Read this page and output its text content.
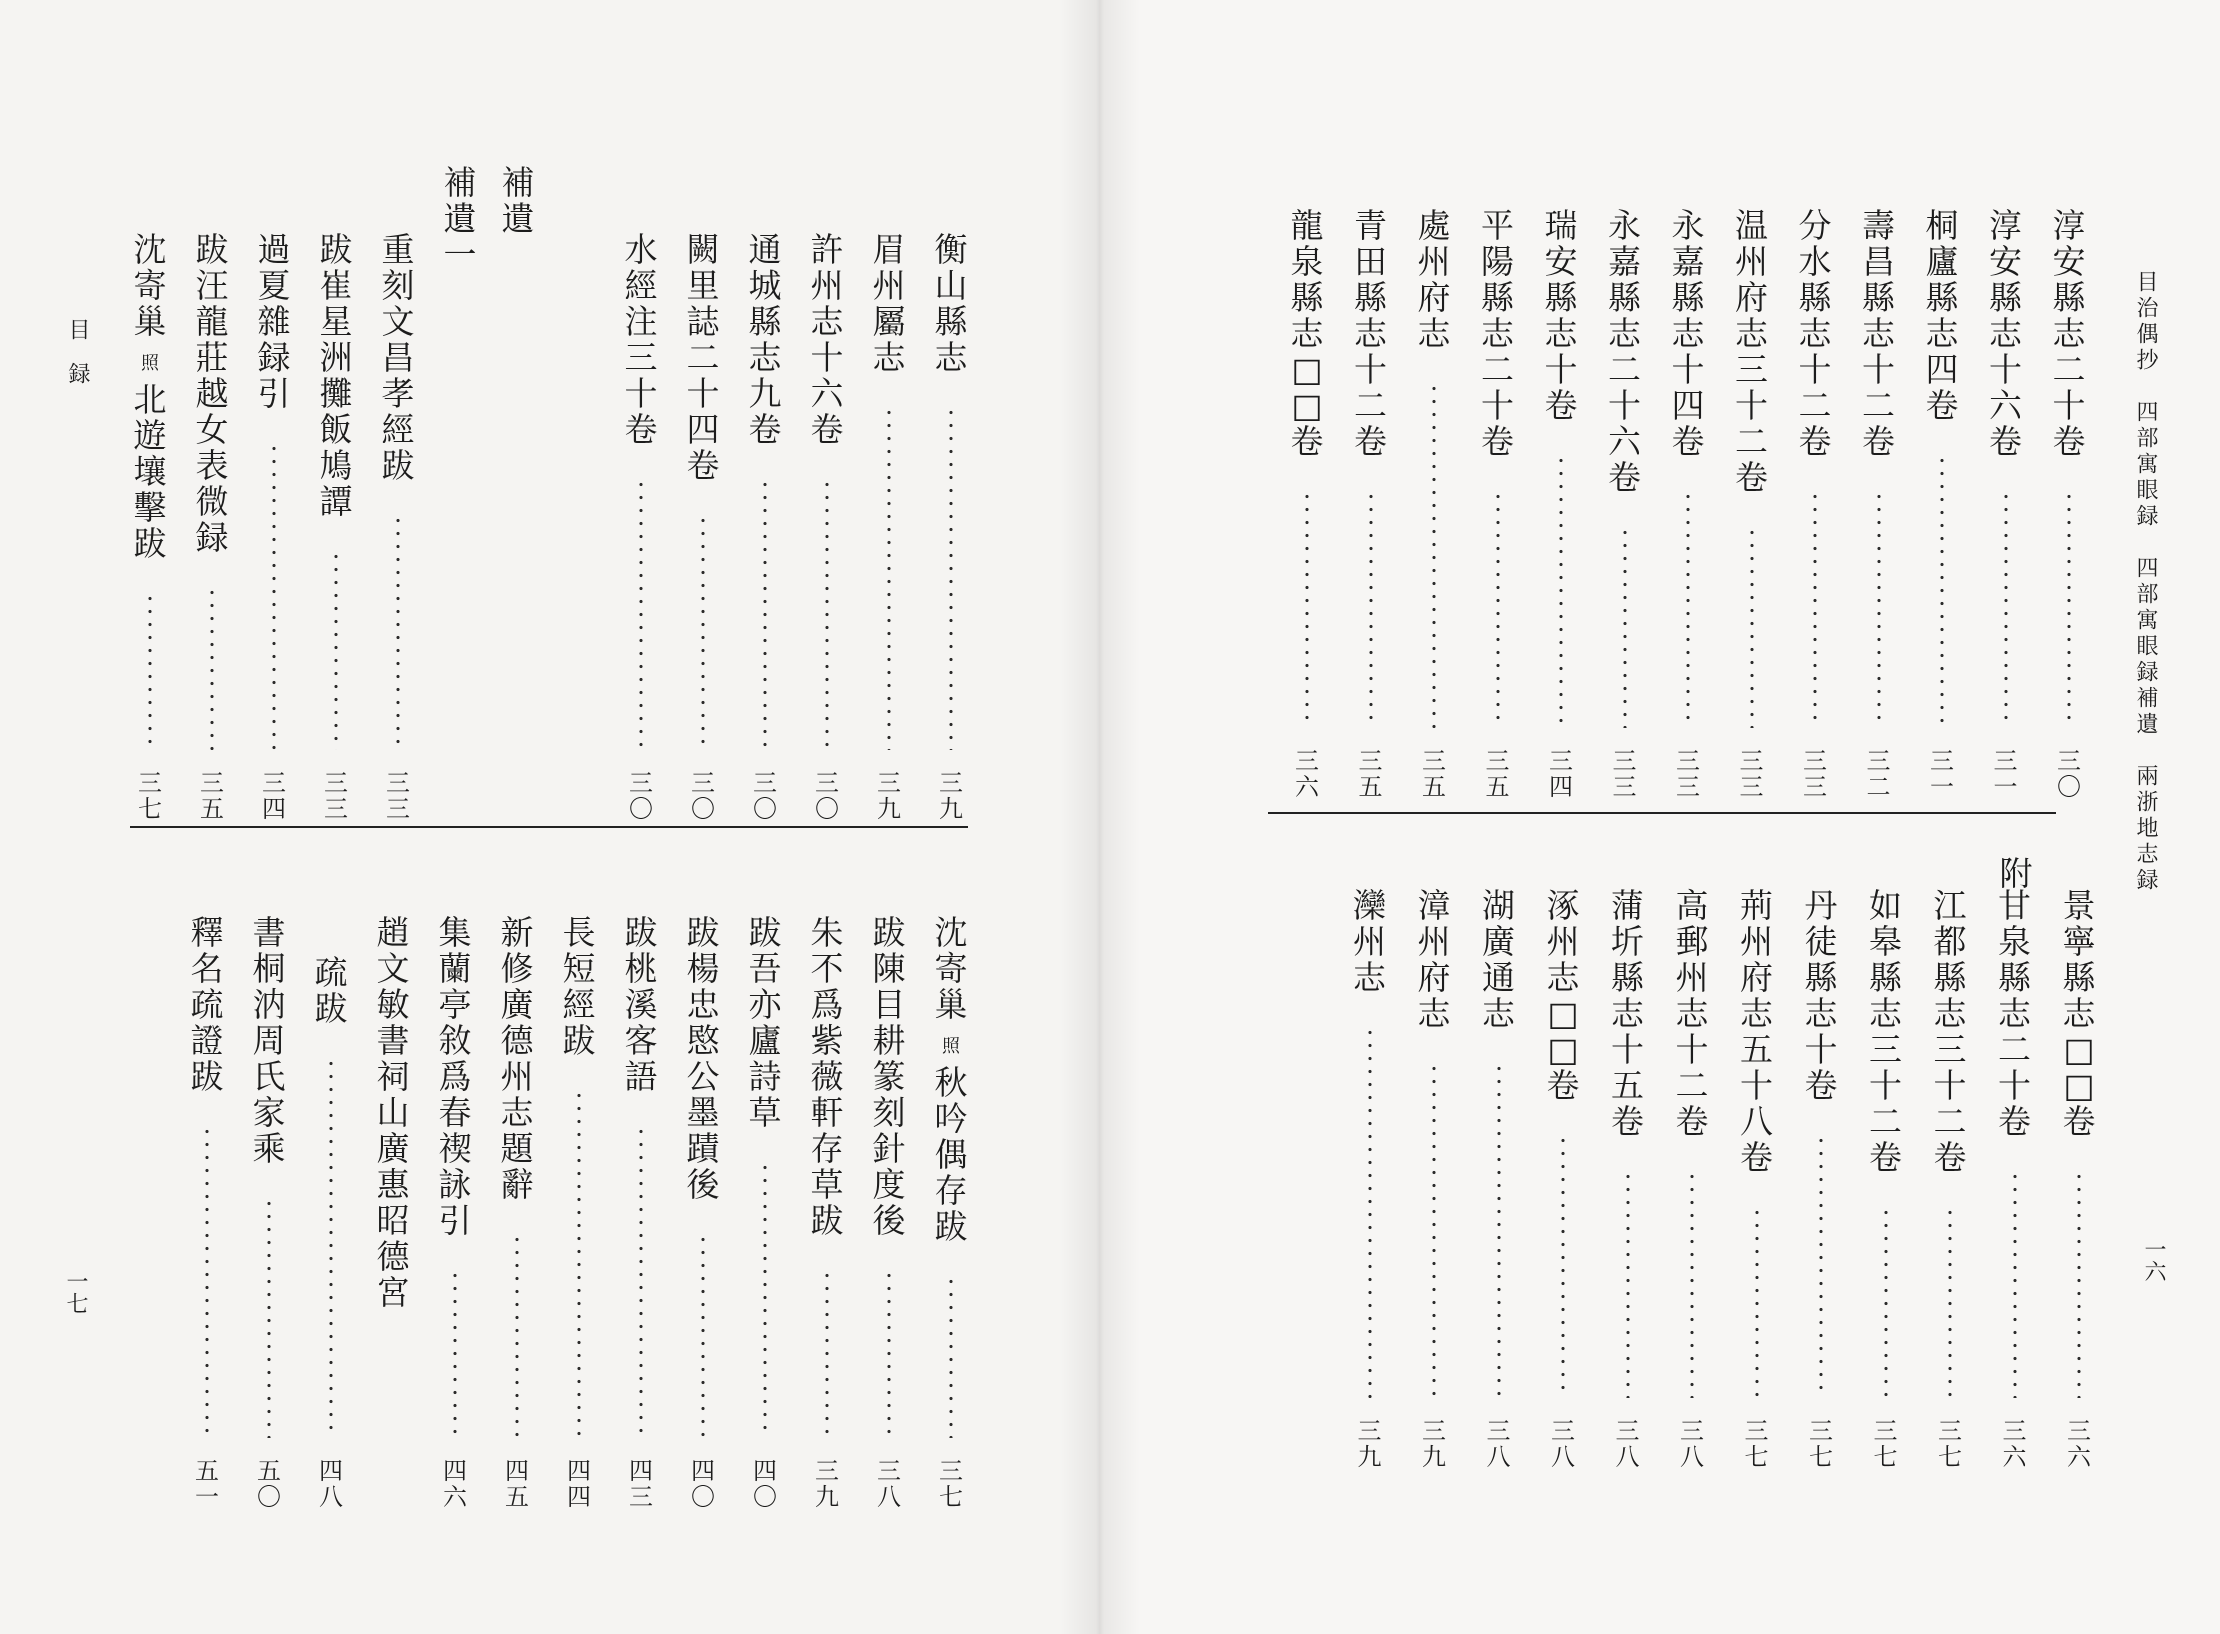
目治偶抄　四部寓眼録　四部寓眼録補遺　兩浙地志録
一六
一七
目録
淳安縣志二十卷
三〇
淳安縣志十六卷
三一
桐廬縣志四卷
三一
壽昌縣志十二卷
三二
分水縣志十二卷
三三
温州府志三十二卷
三三
永嘉縣志十四卷
三三
永嘉縣志二十六卷
三三
瑞安縣志十卷
三四
平陽縣志二十卷
三五
處州府志
三五
青田縣志十二卷
三五
龍泉縣志□□卷
三六
景寧縣志□□卷
三六
甘泉縣志二十卷
三六
江都縣志三十二卷
三七
如皋縣志三十二卷
三七
丹徒縣志十卷
三七
荊州府志五十八卷
三七
高郵州志十二卷
三八
蒲圻縣志十五卷
三八
涿州志□□卷
三八
湖廣通志
三八
漳州府志
三九
灤州志
三九
衡山縣志
三九
眉州屬志
三九
許州志十六卷
三〇
通城縣志九卷
三〇
闕里誌二十四卷
三〇
水經注三十卷
三〇
重刻文昌孝經跋
三三
跋崔星洲攤飯鳩譚
三三
過夏雜録引
三四
跋汪龍莊越女表微録
三五
沈寄巢照北遊壤擊跋
三七
沈寄巢照秋吟偶存跋
三七
跋陳目耕篆刻針度後
三八
朱不爲紫薇軒存草跋
三九
跋吾亦廬詩草
四〇
跋楊忠愍公墨蹟後
四〇
跋桃溪客語
四三
長短經跋
四四
新修廣德州志題辭
四五
集蘭亭敘爲春禊詠引
四六
趙文敏書祠山廣惠昭德宮
疏跋
四八
書桐汭周氏家乘
五〇
釋名疏證跋
五一
附
補遺
補遺一
